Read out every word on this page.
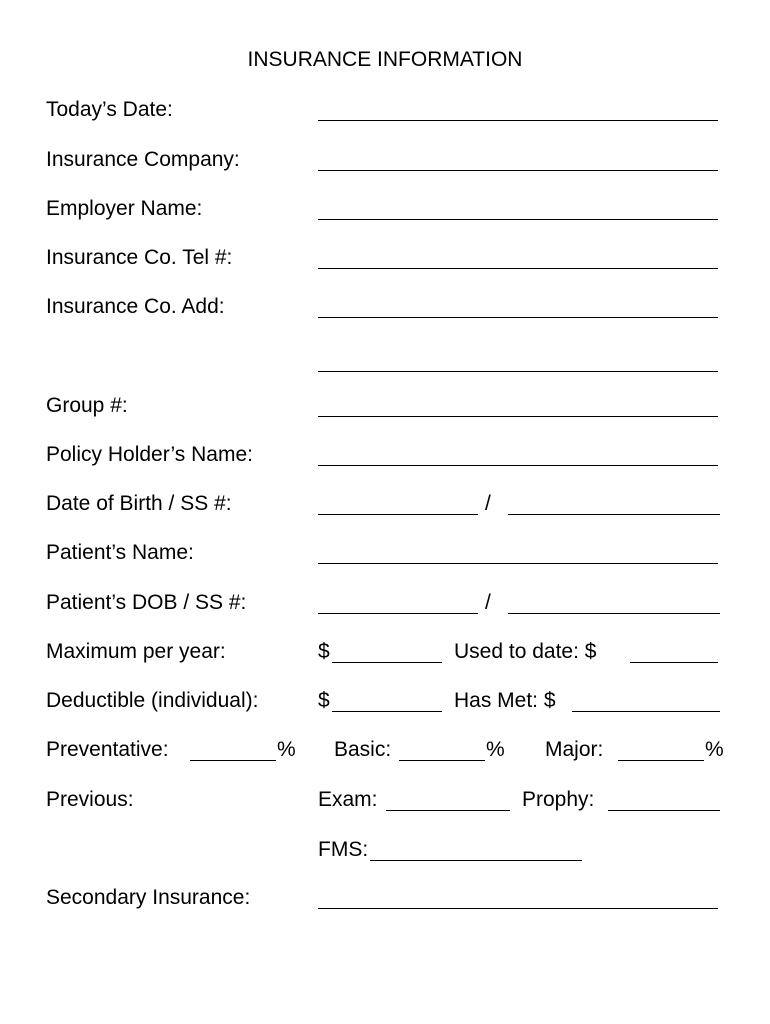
INSURANCE INFORMATION
Today’s Date:
Insurance Company:
Employer Name:
Insurance Co. Tel #:
Insurance Co. Add:
Group #:
Policy Holder’s Name:
Date of Birth / SS #:	/
Patient’s Name:
Patient’s DOB / SS #:	/
Maximum per year:	$	Used to date: $
Deductible (individual):	$	Has Met: $
Preventative:	% Basic:	% Major:	%
Previous:	Exam:	Prophy:
FMS:
Secondary Insurance:
